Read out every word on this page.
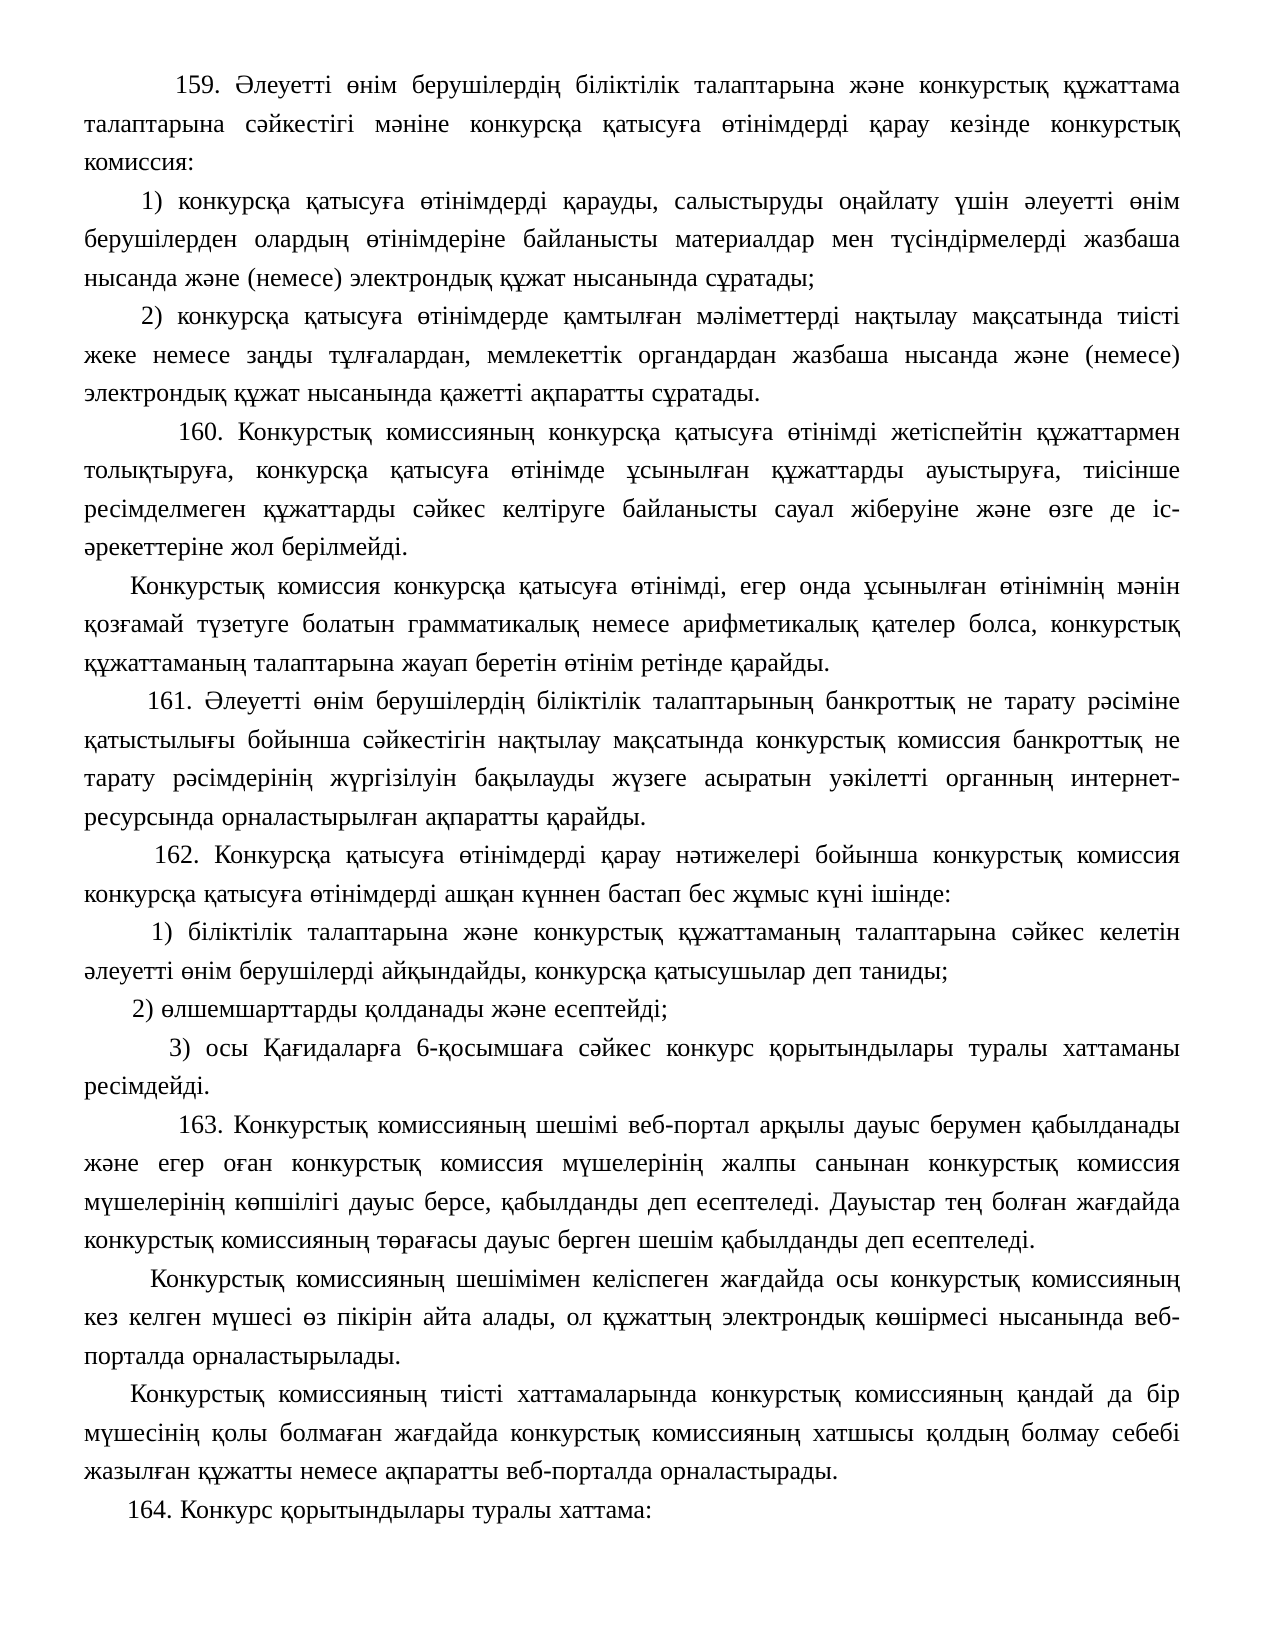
159. Әлеуетті өнім берушілердің біліктілік талаптарына және конкурстық құжаттама талаптарына сәйкестігі мәніне конкурсқа қатысуға өтінімдерді қарау кезінде конкурстық комиссия:

1) конкурсқа қатысуға өтінімдерді қарауды, салыстыруды оңайлату үшін әлеуетті өнім берушілерден олардың өтінімдеріне байланысты материалдар мен түсіндірмелерді жазбаша нысанда және (немесе) электрондық құжат нысанында сұратады;

2) конкурсқа қатысуға өтінімдерде қамтылған мәліметтерді нақтылау мақсатында тиісті жеке немесе заңды тұлғалардан, мемлекеттік органдардан жазбаша нысанда және (немесе) электрондық құжат нысанында қажетті ақпаратты сұратады.

160. Конкурстық комиссияның конкурсқа қатысуға өтінімді жетіспейтін құжаттармен толықтыруға, конкурсқа қатысуға өтінімде ұсынылған құжаттарды ауыстыруға, тиісінше ресімделмеген құжаттарды сәйкес келтіруге байланысты сауал жіберуіне және өзге де іс-әрекеттеріне жол берілмейді.

Конкурстық комиссия конкурсқа қатысуға өтінімді, егер онда ұсынылған өтінімнің мәнін қозғамай түзетуге болатын грамматикалық немесе арифметикалық қателер болса, конкурстық құжаттаманың талаптарына жауап беретін өтінім ретінде қарайды.

161. Әлеуетті өнім берушілердің біліктілік талаптарының банкроттық не тарату рәсіміне қатыстылығы бойынша сәйкестігін нақтылау мақсатында конкурстық комиссия банкроттық не тарату рәсімдерінің жүргізілуін бақылауды жүзеге асыратын уәкілетті органның интернет-ресурсында орналастырылған ақпаратты қарайды.

162. Конкурсқа қатысуға өтінімдерді қарау нәтижелері бойынша конкурстық комиссия конкурсқа қатысуға өтінімдерді ашқан күннен бастап бес жұмыс күні ішінде:

1) біліктілік талаптарына және конкурстық құжаттаманың талаптарына сәйкес келетін әлеуетті өнім берушілерді айқындайды, конкурсқа қатысушылар деп таниды;

2) өлшемшарттарды қолданады және есептейді;

3) осы Қағидаларға 6-қосымшаға сәйкес конкурс қорытындылары туралы хаттаманы ресімдейді.

163. Конкурстық комиссияның шешімі веб-портал арқылы дауыс берумен қабылданады және егер оған конкурстық комиссия мүшелерінің жалпы санынан конкурстық комиссия мүшелерінің көпшілігі дауыс берсе, қабылданды деп есептеледі. Дауыстар тең болған жағдайда конкурстық комиссияның төрағасы дауыс берген шешім қабылданды деп есептеледі.

Конкурстық комиссияның шешімімен келіспеген жағдайда осы конкурстық комиссияның кез келген мүшесі өз пікірін айта алады, ол құжаттың электрондық көшірмесі нысанында веб-порталда орналастырылады.

Конкурстық комиссияның тиісті хаттамаларында конкурстық комиссияның қандай да бір мүшесінің қолы болмаған жағдайда конкурстық комиссияның хатшысы қолдың болмау себебі жазылған құжатты немесе ақпаратты веб-порталда орналастырады.

164. Конкурс қорытындылары туралы хаттама:
